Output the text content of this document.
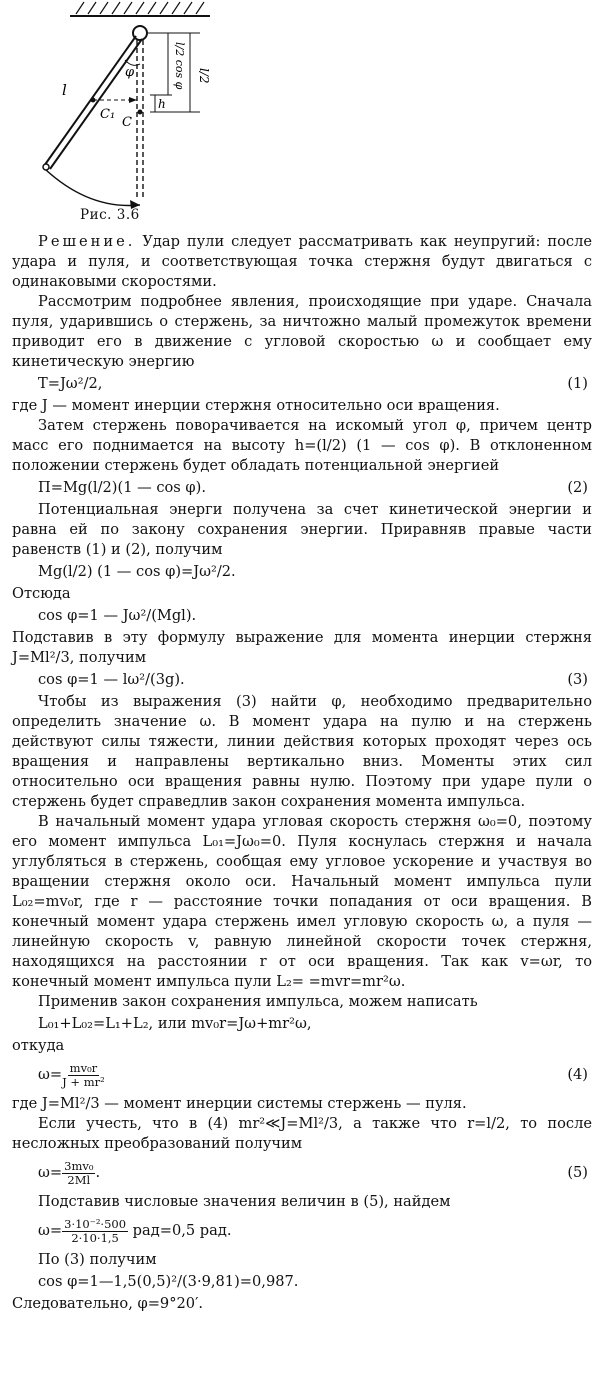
l
φ
C₁
C
h
l/2
l/2 cos φ
Рис. 3.6

Решение. Удар пули следует рассматривать как неупругий: после удара и пуля, и соответствующая точка стержня будут двигаться с одинаковыми скоростями.

Рассмотрим подробнее явления, происходящие при ударе. Сначала пуля, ударившись о стержень, за ничтожно малый промежуток времени приводит его в движение с угловой скоростью ω и сообщает ему кинетическую энергию

T=Jω²/2,	(1)

где J — момент инерции стержня относительно оси вращения.

Затем стержень поворачивается на искомый угол φ, причем центр масс его поднимается на высоту h=(l/2) (1 — cos φ). В отклоненном положении стержень будет обладать потенциальной энергией

Π=Mg(l/2)(1 — cos φ).	(2)

Потенциальная энерги получена за счет кинетической энергии и равна ей по закону сохранения энергии. Приравняв правые части равенств (1) и (2), получим

Mg(l/2) (1 — cos φ)=Jω²/2.

Отсюда

cos φ=1 — Jω²/(Mgl).

Подставив в эту формулу выражение для момента инерции стержня J=Ml²/3, получим

cos φ=1 — lω²/(3g).	(3)

Чтобы из выражения (3) найти φ, необходимо предварительно определить значение ω. В момент удара на пулю и на стержень действуют силы тяжести, линии действия которых проходят через ось вращения и направлены вертикально вниз. Моменты этих сил относительно оси вращения равны нулю. Поэтому при ударе пули о стержень будет справедлив закон сохранения момента импульса.

В начальный момент удара угловая скорость стержня ω₀=0, поэтому его момент импульса L₀₁=Jω₀=0. Пуля коснулась стержня и начала углубляться в стержень, сообщая ему угловое ускорение и участвуя во вращении стержня около оси. Начальный момент импульса пули L₀₂=mv₀r, где r — расстояние точки попадания от оси вращения. В конечный момент удара стержень имел угловую скорость ω, а пуля — линейную скорость v, равную линейной скорости точек стержня, находящихся на расстоянии r от оси вращения. Так как v=ωr, то конечный момент импульса пули L₂= =mvr=mr²ω.

Применив закон сохранения импульса, можем написать

L₀₁+L₀₂=L₁+L₂, или mv₀r=Jω+mr²ω,

откуда

$\omega= \frac{\text{mv₀r}}{\text{J + mr²}}$	(4)

где J=Ml²/3 — момент инерции системы стержень — пуля.

Если учесть, что в (4) mr²≪J=Ml²/3, а также что r=l/2, то после несложных преобразований получим

$\omega= \frac{\text{3mv₀}}{2Ml}$ .	(5)

Подставив числовые значения величин в (5), найдем

$\omega= \frac{\text{3·10⁻²·500}}{2\cdot 10\cdot 1,5} рад=0,5$ рад.

По (3) получим

cos φ=1—1,5(0,5)²/(3·9,81)=0,987.

Следовательно, φ=9°20′.
